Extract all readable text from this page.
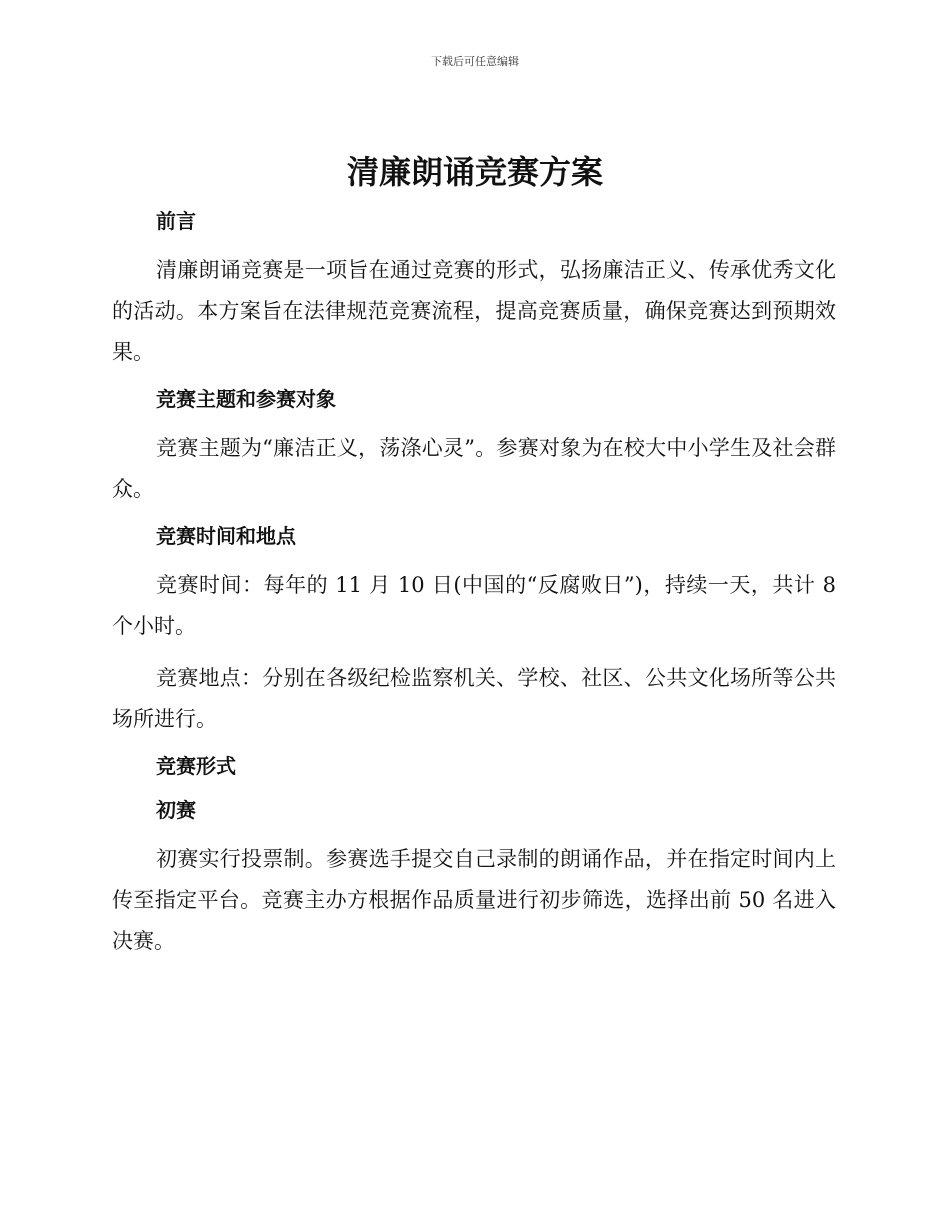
下载后可任意编辑
清廉朗诵竞赛方案
前言

清廉朗诵竞赛是一项旨在通过竞赛的形式，弘扬廉洁正义、传承优秀文化的活动。本方案旨在法律规范竞赛流程，提高竞赛质量，确保竞赛达到预期效果。

竞赛主题和参赛对象

竞赛主题为“廉洁正义，荡涤心灵”。参赛对象为在校大中小学生及社会群众。

竞赛时间和地点

竞赛时间：每年的 11 月 10 日(中国的“反腐败日”)，持续一天，共计 8 个小时。

竞赛地点：分别在各级纪检监察机关、学校、社区、公共文化场所等公共场所进行。

竞赛形式
初赛

初赛实行投票制。参赛选手提交自己录制的朗诵作品，并在指定时间内上传至指定平台。竞赛主办方根据作品质量进行初步筛选，选择出前 50 名进入决赛。
